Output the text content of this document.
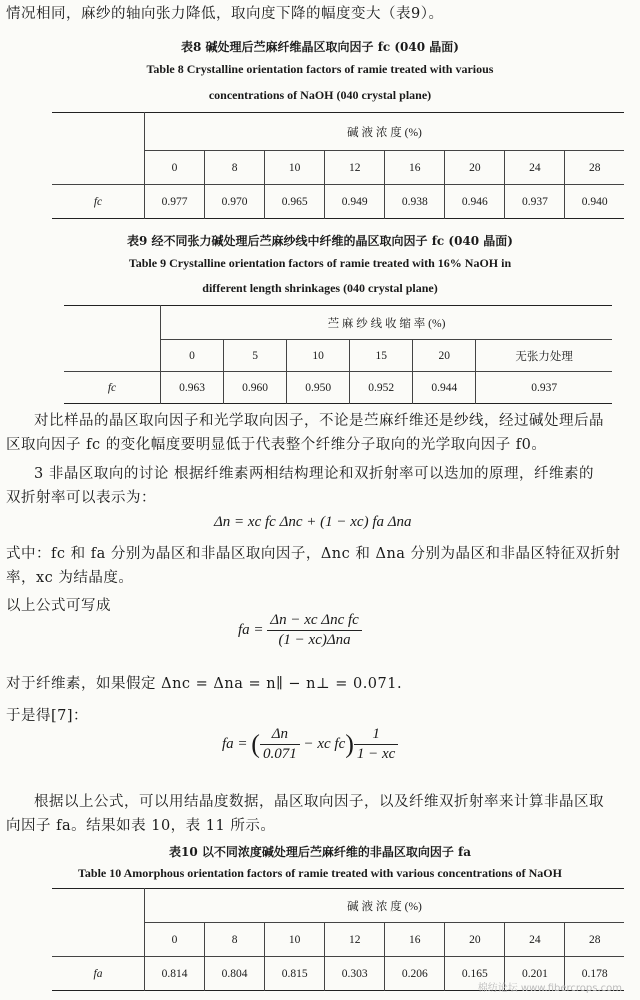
情况相同，麻纱的轴向张力降低，取向度下降的幅度变大（表9）。
表8 碱处理后苎麻纤维晶区取向因子 fc (040 晶面)
Table 8 Crystalline orientation factors of ramie treated with various
concentrations of NaOH (040 crystal plane)
	碱 液 浓 度 (%)							
	0	8	10	12	16	20	24	28
fc	0.977	0.970	0.965	0.949	0.938	0.946	0.937	0.940
表9 经不同张力碱处理后苎麻纱线中纤维的晶区取向因子 fc (040 晶面)
Table 9 Crystalline orientation factors of ramie treated with 16% NaOH in
different length shrinkages (040 crystal plane)
	苎 麻 纱 线 收 缩 率 (%)					
	0	5	10	15	20	无张力处理
fc	0.963	0.960	0.950	0.952	0.944	0.937
对比样品的晶区取向因子和光学取向因子，不论是苎麻纤维还是纱线，经过碱处理后晶
区取向因子 fc 的变化幅度要明显低于代表整个纤维分子取向的光学取向因子 f0。
3 非晶区取向的讨论 根据纤维素两相结构理论和双折射率可以迭加的原理，纤维素的
双折射率可以表示为：
Δn = xc fc Δnc + (1 − xc) fa Δna
式中：fc 和 fa 分别为晶区和非晶区取向因子，Δnc 和 Δna 分别为晶区和非晶区特征双折射
率，xc 为结晶度。
以上公式可写成
fa = $\frac{\text{Δn − xc Δnc fc}}{\text{(1 − xc)Δna}}$
对于纤维素，如果假定 Δnc = Δna = n∥ − n⊥ = 0.071.
于是得[7]：
fa = ( $\frac{\Delta n}{0.071}$ − xc $fc) \frac{1}{1 - xc}$
根据以上公式，可以用结晶度数据，晶区取向因子，以及纤维双折射率来计算非晶区取
向因子 fa。结果如表 10，表 11 所示。
表10 以不同浓度碱处理后苎麻纤维的非晶区取向因子 fa
Table 10 Amorphous orientation factors of ramie treated with various concentrations of NaOH
	碱 液 浓 度 (%)							
	0	8	10	12	16	20	24	28
fa	0.814	0.804	0.815	0.303	0.206	0.165	0.201	0.178
棉纺论坛 www.fibercrops.com
